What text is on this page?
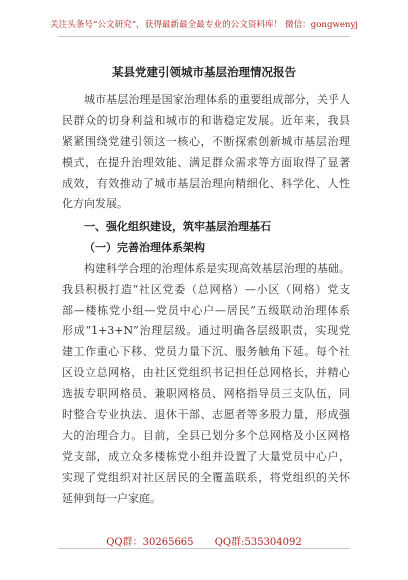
关注头条号“公文研究”，获得最新最全最专业的公文资料库！ 微信：gongwenyj
某县党建引领城市基层治理情况报告
城市基层治理是国家治理体系的重要组成部分，关乎人
民群众的切身利益和城市的和谐稳定发展。近年来，我县
紧紧围绕党建引领这一核心，不断探索创新城市基层治理
模式，在提升治理效能、满足群众需求等方面取得了显著
成效，有效推动了城市基层治理向精细化、科学化、人性
化方向发展。
一、强化组织建设，筑牢基层治理基石
（一）完善治理体系架构
构建科学合理的治理体系是实现高效基层治理的基础。
我县积极打造“社区党委（总网格）—小区（网格）党支
部—楼栋党小组—党员中心户—居民”五级联动治理体系
形成“1+3+N”治理层级。通过明确各层级职责，实现党
建工作重心下移、党员力量下沉、服务触角下延。每个社
区设立总网格，由社区党组织书记担任总网格长，并精心
选拔专职网格员、兼职网格员、网格指导员三支队伍，同
时整合专业执法、退休干部、志愿者等多股力量，形成强
大的治理合力。目前，全县已划分多个总网格及小区网格
党支部，成立众多楼栋党小组并设置了大量党员中心户，
实现了党组织对社区居民的全覆盖联系，将党组织的关怀
延伸到每一户家庭。
QQ群：30265665 QQ群:535304092
